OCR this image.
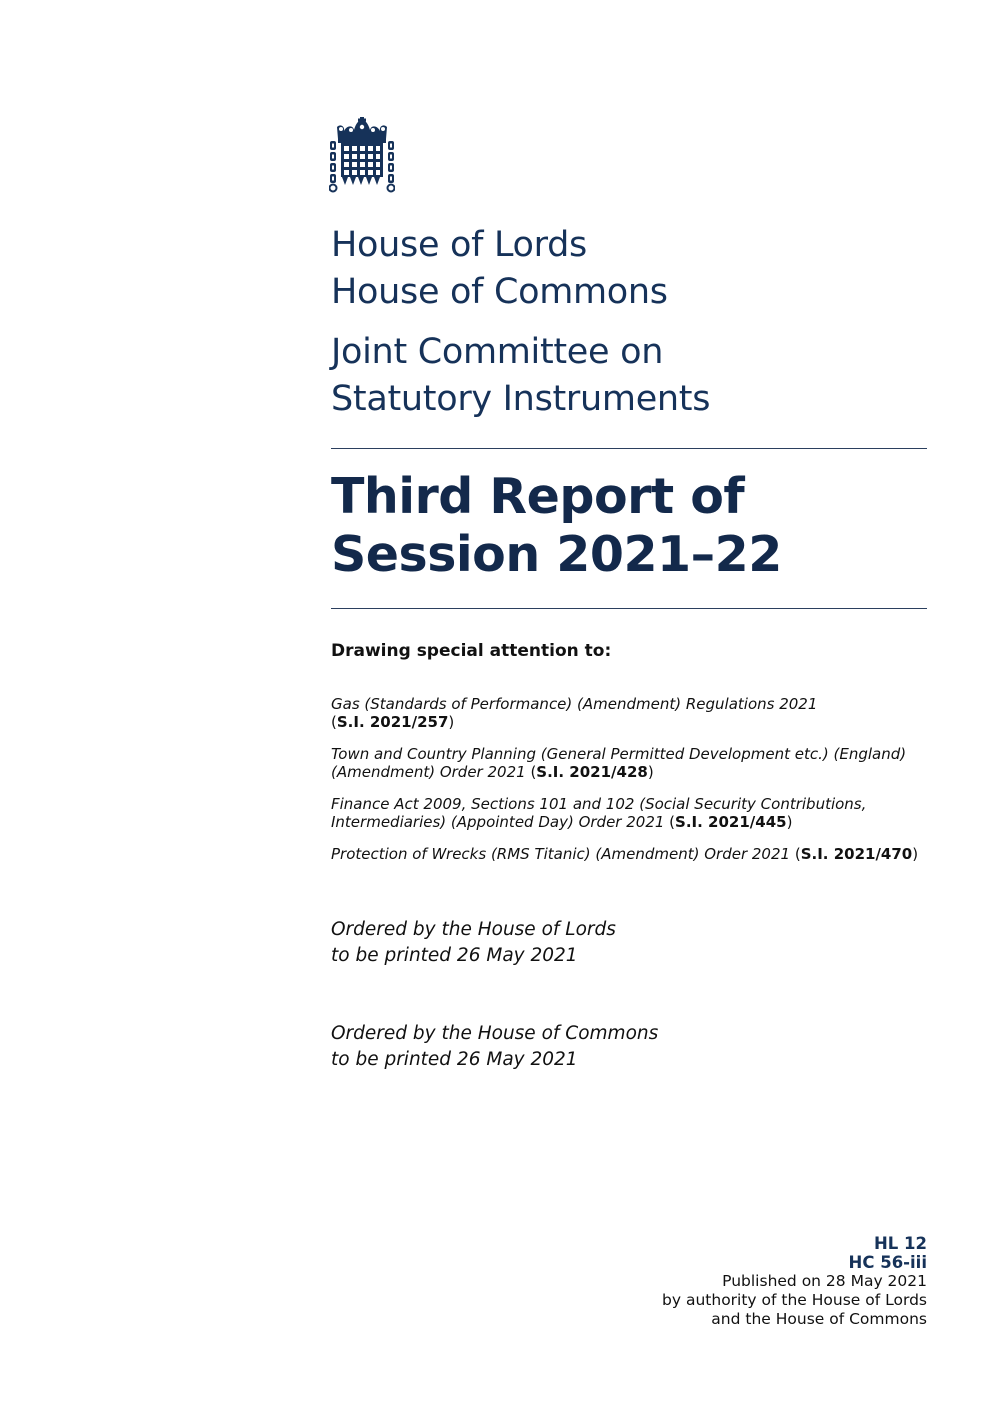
House of Lords
House of Commons
Joint Committee on
Statutory Instruments
Third Report of
Session 2021–22
Drawing special attention to:
Gas (Standards of Performance) (Amendment) Regulations 2021
(S.I. 2021/257)
Town and Country Planning (General Permitted Development etc.) (England)
(Amendment) Order 2021 (S.I. 2021/428)
Finance Act 2009, Sections 101 and 102 (Social Security Contributions,
Intermediaries) (Appointed Day) Order 2021 (S.I. 2021/445)
Protection of Wrecks (RMS Titanic) (Amendment) Order 2021 (S.I. 2021/470)
Ordered by the House of Lords
to be printed 26 May 2021
Ordered by the House of Commons
to be printed 26 May 2021
HL 12
HC 56-iii
Published on 28 May 2021
by authority of the House of Lords
and the House of Commons
